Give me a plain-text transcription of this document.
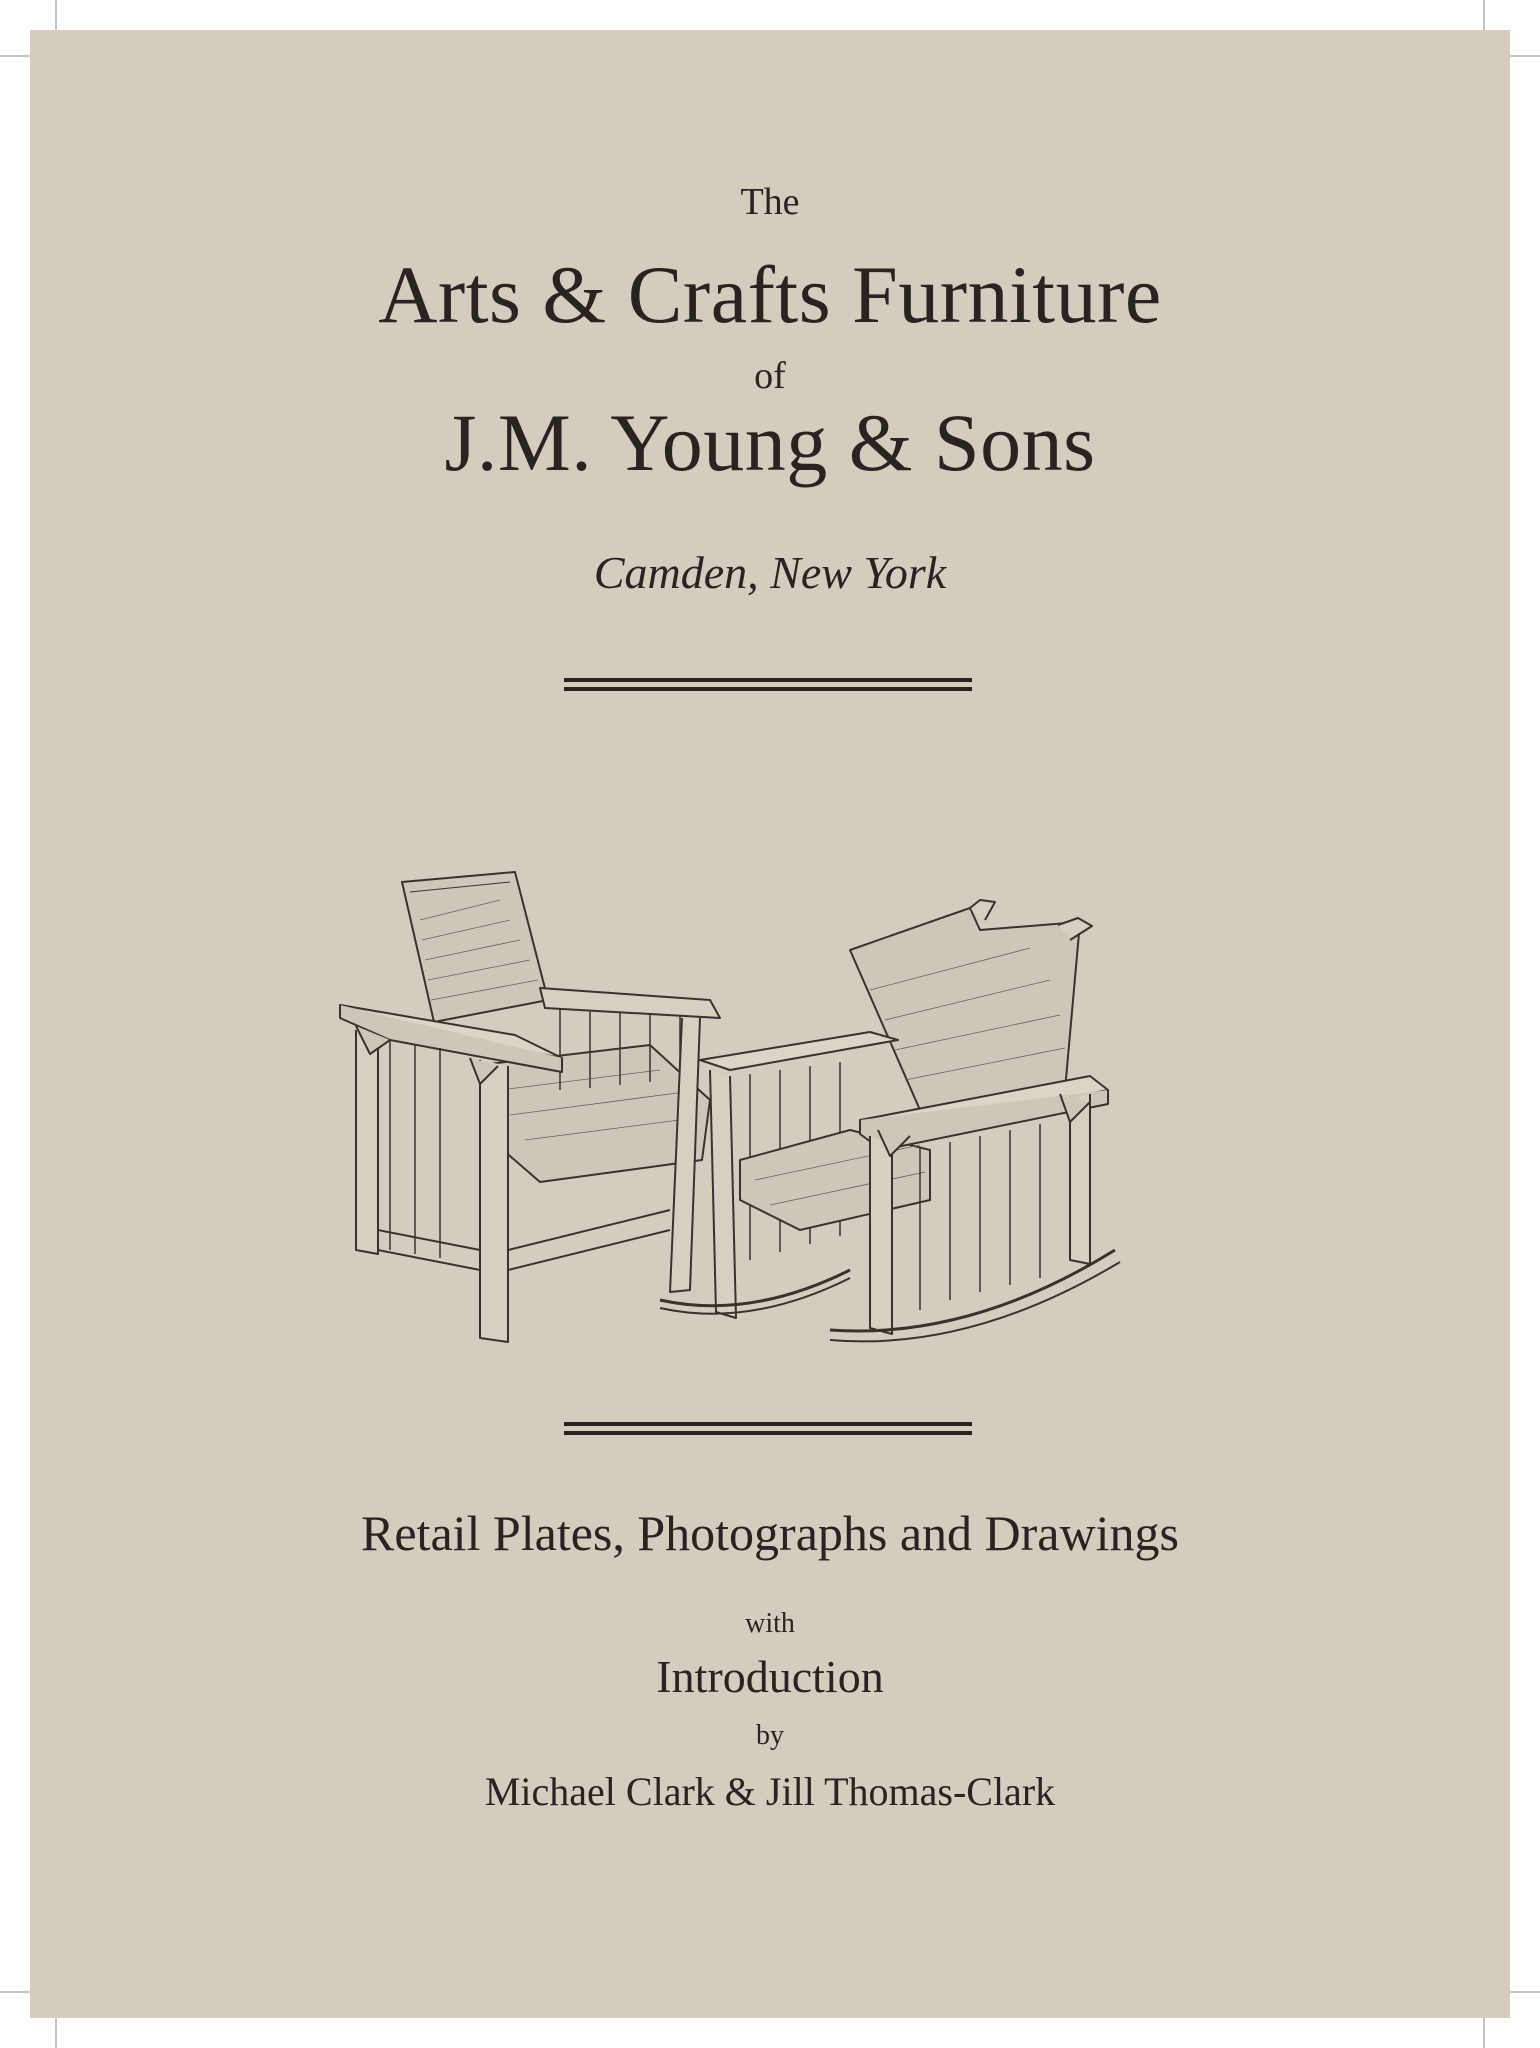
The
Arts & Crafts Furniture
of
J.M. Young & Sons
Camden, New York
Retail Plates, Photographs and Drawings
with
Introduction
by
Michael Clark & Jill Thomas-Clark
